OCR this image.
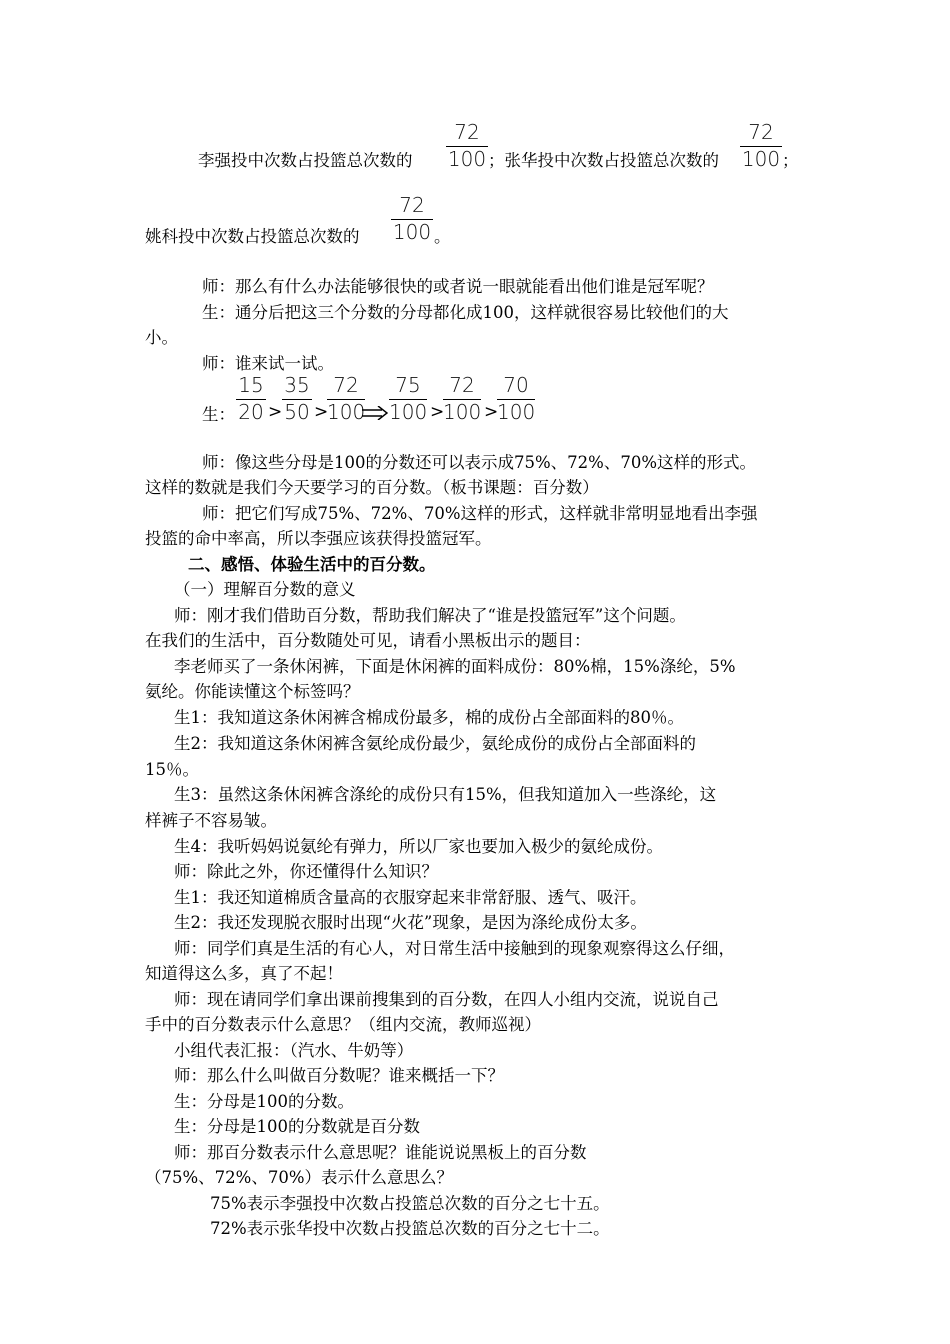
李强投中次数占投篮总次数的 $\frac{72}{100}$ ；张华投中次数占投篮总次数的 $\frac{72}{100}$ ；
姚科投中次数占投篮总次数的 $\frac{72}{100}$ 。
师：那么有什么办法能够很快的或者说一眼就能看出他们谁是冠军呢？
生：通分后把这三个分数的分母都化成100，这样就很容易比较他们的大
小。
师：谁来试一试。
生： $\frac{15}{20} > \frac{35}{50}$ >
$\frac{72}{100} \frac{75}{100}$ >
$\frac{72}{100}$ >
$\frac{70}{100}$
师：像这些分母是100的分数还可以表示成75%、72%、70%这样的形式。
这样的数就是我们今天要学习的百分数。（板书课题：百分数）
师：把它们写成75%、72%、70%这样的形式，这样就非常明显地看出李强
投篮的命中率高，所以李强应该获得投篮冠军。
二、感悟、体验生活中的百分数。
（一）理解百分数的意义
师：刚才我们借助百分数，帮助我们解决了“谁是投篮冠军”这个问题。
在我们的生活中，百分数随处可见，请看小黑板出示的题目：
李老师买了一条休闲裤，下面是休闲裤的面料成份：80%棉，15%涤纶，5%
氨纶。你能读懂这个标签吗？
生1：我知道这条休闲裤含棉成份最多，棉的成份占全部面料的80％。
生2：我知道这条休闲裤含氨纶成份最少，氨纶成份的成份占全部面料的
15％。
生3：虽然这条休闲裤含涤纶的成份只有15%，但我知道加入一些涤纶，这
样裤子不容易皱。
生4：我听妈妈说氨纶有弹力，所以厂家也要加入极少的氨纶成份。
师：除此之外，你还懂得什么知识？
生1：我还知道棉质含量高的衣服穿起来非常舒服、透气、吸汗。
生2：我还发现脱衣服时出现“火花”现象，是因为涤纶成份太多。
师：同学们真是生活的有心人，对日常生活中接触到的现象观察得这么仔细，
知道得这么多，真了不起！
师：现在请同学们拿出课前搜集到的百分数，在四人小组内交流，说说自己
手中的百分数表示什么意思？（组内交流，教师巡视）
小组代表汇报：（汽水、牛奶等）
师：那么什么叫做百分数呢？谁来概括一下？
生：分母是100的分数。
生：分母是100的分数就是百分数
师：那百分数表示什么意思呢？谁能说说黑板上的百分数
（75%、72%、70%）表示什么意思么？
75%表示李强投中次数占投篮总次数的百分之七十五。
72%表示张华投中次数占投篮总次数的百分之七十二。
